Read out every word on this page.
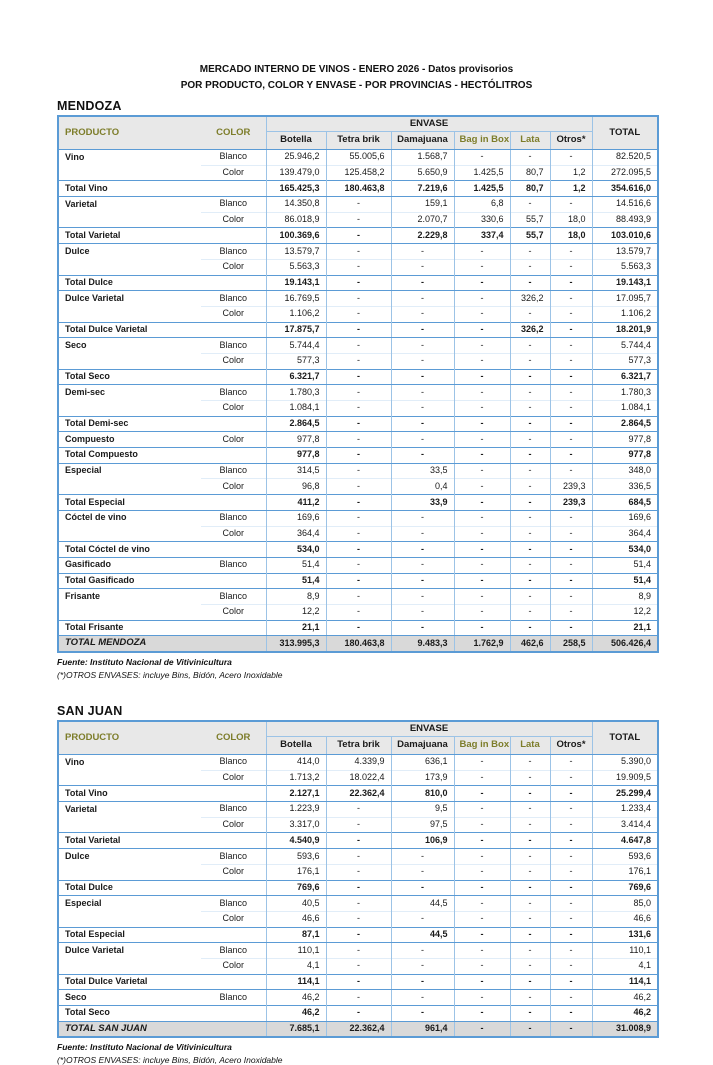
MERCADO INTERNO DE VINOS - ENERO 2026 - Datos provisorios
POR PRODUCTO, COLOR Y ENVASE - POR PROVINCIAS - HECTÓLITROS
MENDOZA
PRODUCTO	COLOR	ENVASE						TOTAL
		Botella	Tetra brik	Damajuana	Bag in Box	Lata	Otros*	
Vino	Blanco	25.946,2	55.005,6	1.568,7	-	-	-	82.520,5
	Color	139.479,0	125.458,2	5.650,9	1.425,5	80,7	1,2	272.095,5
Total Vino		165.425,3	180.463,8	7.219,6	1.425,5	80,7	1,2	354.616,0
Varietal	Blanco	14.350,8	-	159,1	6,8	-	-	14.516,6
	Color	86.018,9	-	2.070,7	330,6	55,7	18,0	88.493,9
Total Varietal		100.369,6	-	2.229,8	337,4	55,7	18,0	103.010,6
Dulce	Blanco	13.579,7	-	-	-	-	-	13.579,7
	Color	5.563,3	-	-	-	-	-	5.563,3
Total Dulce		19.143,1	-	-	-	-	-	19.143,1
Dulce Varietal	Blanco	16.769,5	-	-	-	326,2	-	17.095,7
	Color	1.106,2	-	-	-	-	-	1.106,2
Total Dulce Varietal		17.875,7	-	-	-	326,2	-	18.201,9
Seco	Blanco	5.744,4	-	-	-	-	-	5.744,4
	Color	577,3	-	-	-	-	-	577,3
Total Seco		6.321,7	-	-	-	-	-	6.321,7
Demi-sec	Blanco	1.780,3	-	-	-	-	-	1.780,3
	Color	1.084,1	-	-	-	-	-	1.084,1
Total Demi-sec		2.864,5	-	-	-	-	-	2.864,5
Compuesto	Color	977,8	-	-	-	-	-	977,8
Total Compuesto		977,8	-	-	-	-	-	977,8
Especial	Blanco	314,5	-	33,5	-	-	-	348,0
	Color	96,8	-	0,4	-	-	239,3	336,5
Total Especial		411,2	-	33,9	-	-	239,3	684,5
Cóctel de vino	Blanco	169,6	-	-	-	-	-	169,6
	Color	364,4	-	-	-	-	-	364,4
Total Cóctel de vino		534,0	-	-	-	-	-	534,0
Gasificado	Blanco	51,4	-	-	-	-	-	51,4
Total Gasificado		51,4	-	-	-	-	-	51,4
Frisante	Blanco	8,9	-	-	-	-	-	8,9
	Color	12,2	-	-	-	-	-	12,2
Total Frisante		21,1	-	-	-	-	-	21,1
TOTAL MENDOZA		313.995,3	180.463,8	9.483,3	1.762,9	462,6	258,5	506.426,4
Fuente: Instituto Nacional de Vitivinicultura
(*)OTROS ENVASES: incluye Bins, Bidón, Acero Inoxidable
SAN JUAN
PRODUCTO	COLOR	ENVASE						TOTAL
		Botella	Tetra brik	Damajuana	Bag in Box	Lata	Otros*	
Vino	Blanco	414,0	4.339,9	636,1	-	-	-	5.390,0
	Color	1.713,2	18.022,4	173,9	-	-	-	19.909,5
Total Vino		2.127,1	22.362,4	810,0	-	-	-	25.299,4
Varietal	Blanco	1.223,9	-	9,5	-	-	-	1.233,4
	Color	3.317,0	-	97,5	-	-	-	3.414,4
Total Varietal		4.540,9	-	106,9	-	-	-	4.647,8
Dulce	Blanco	593,6	-	-	-	-	-	593,6
	Color	176,1	-	-	-	-	-	176,1
Total Dulce		769,6	-	-	-	-	-	769,6
Especial	Blanco	40,5	-	44,5	-	-	-	85,0
	Color	46,6	-	-	-	-	-	46,6
Total Especial		87,1	-	44,5	-	-	-	131,6
Dulce Varietal	Blanco	110,1	-	-	-	-	-	110,1
	Color	4,1	-	-	-	-	-	4,1
Total Dulce Varietal		114,1	-	-	-	-	-	114,1
Seco	Blanco	46,2	-	-	-	-	-	46,2
Total Seco		46,2	-	-	-	-	-	46,2
TOTAL SAN JUAN		7.685,1	22.362,4	961,4	-	-	-	31.008,9
Fuente: Instituto Nacional de Vitivinicultura
(*)OTROS ENVASES: incluye Bins, Bidón, Acero Inoxidable
